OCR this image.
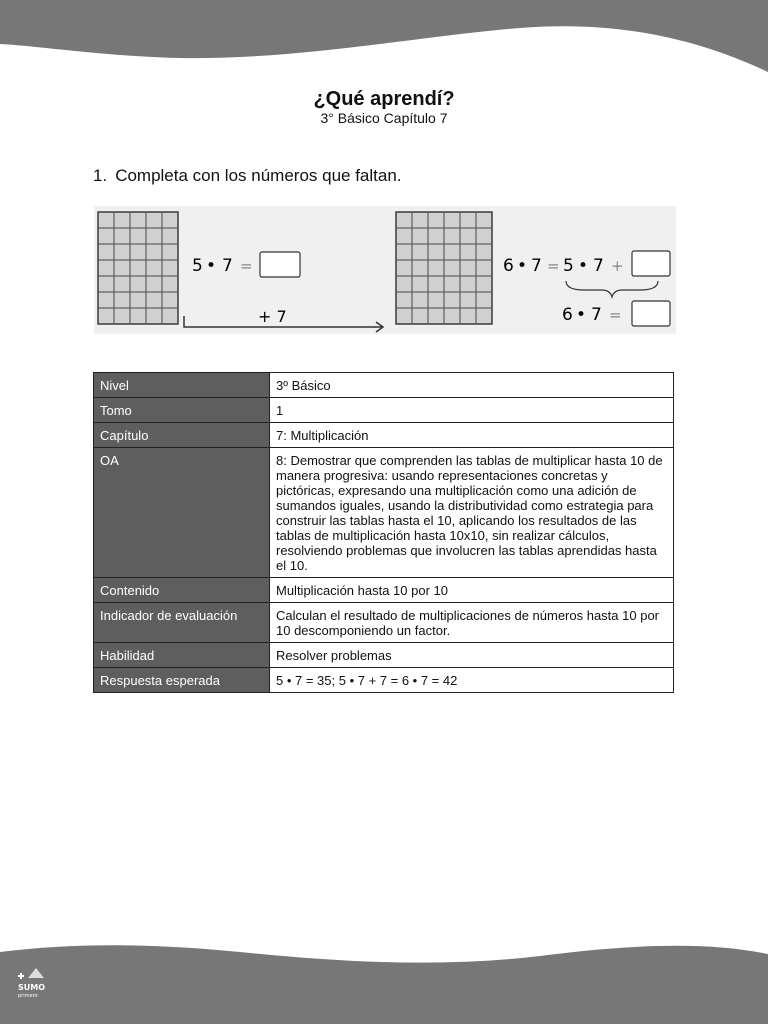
¿Qué aprendí?
3° Básico Capítulo 7
1. Completa con los números que faltan.
5 • 7 =
+ 7
6 • 7 = 5 • 7 +
6 • 7 =
Nivel	3º Básico
Tomo	1
Capítulo	7: Multiplicación
OA	8: Demostrar que comprenden las tablas de multiplicar hasta 10 de manera progresiva: usando representaciones concretas y pictóricas, expresando una multiplicación como una adición de sumandos iguales, usando la distributividad como estrategia para construir las tablas hasta el 10, aplicando los resultados de las tablas de multiplicación hasta 10x10, sin realizar cálculos, resolviendo problemas que involucren las tablas aprendidas hasta el 10.
Contenido	Multiplicación hasta 10 por 10
Indicador de evaluación	Calculan el resultado de multiplicaciones de números hasta 10 por 10 descomponiendo un factor.
Habilidad	Resolver problemas
Respuesta esperada	5 • 7 = 35; 5 • 7 + 7 = 6 • 7 = 42
SUMO
primero
